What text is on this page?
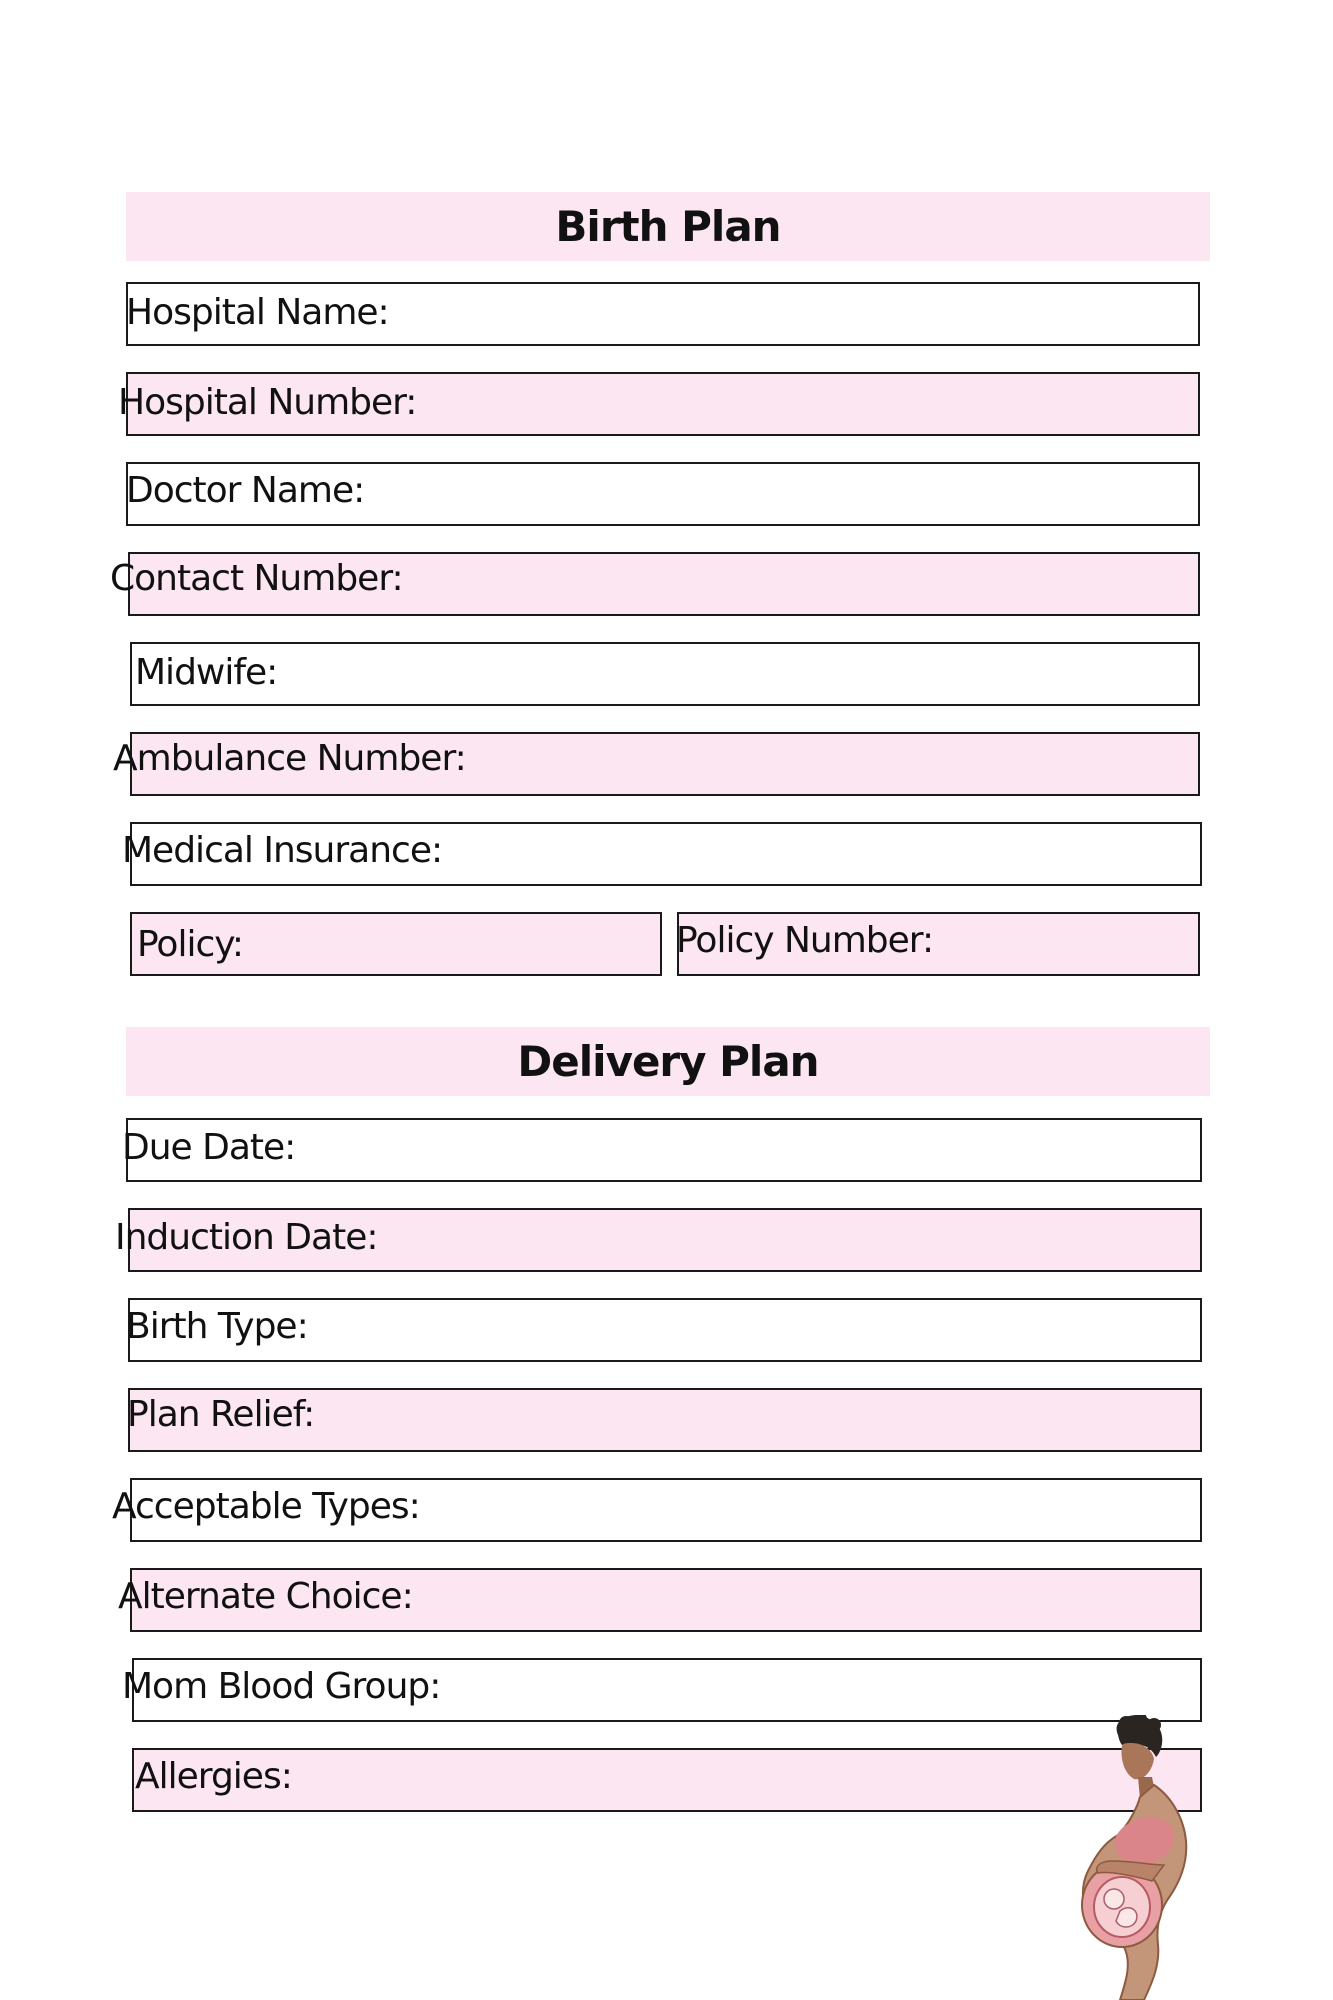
Birth Plan
Hospital Name:
Hospital Number:
Doctor Name:
Contact Number:
Midwife:
Ambulance Number:
Medical Insurance:
Policy:	Policy Number:
Delivery Plan
Due Date:
Induction Date:
Birth Type:
Plan Relief:
Acceptable Types:
Alternate Choice:
Mom Blood Group:
Allergies:
